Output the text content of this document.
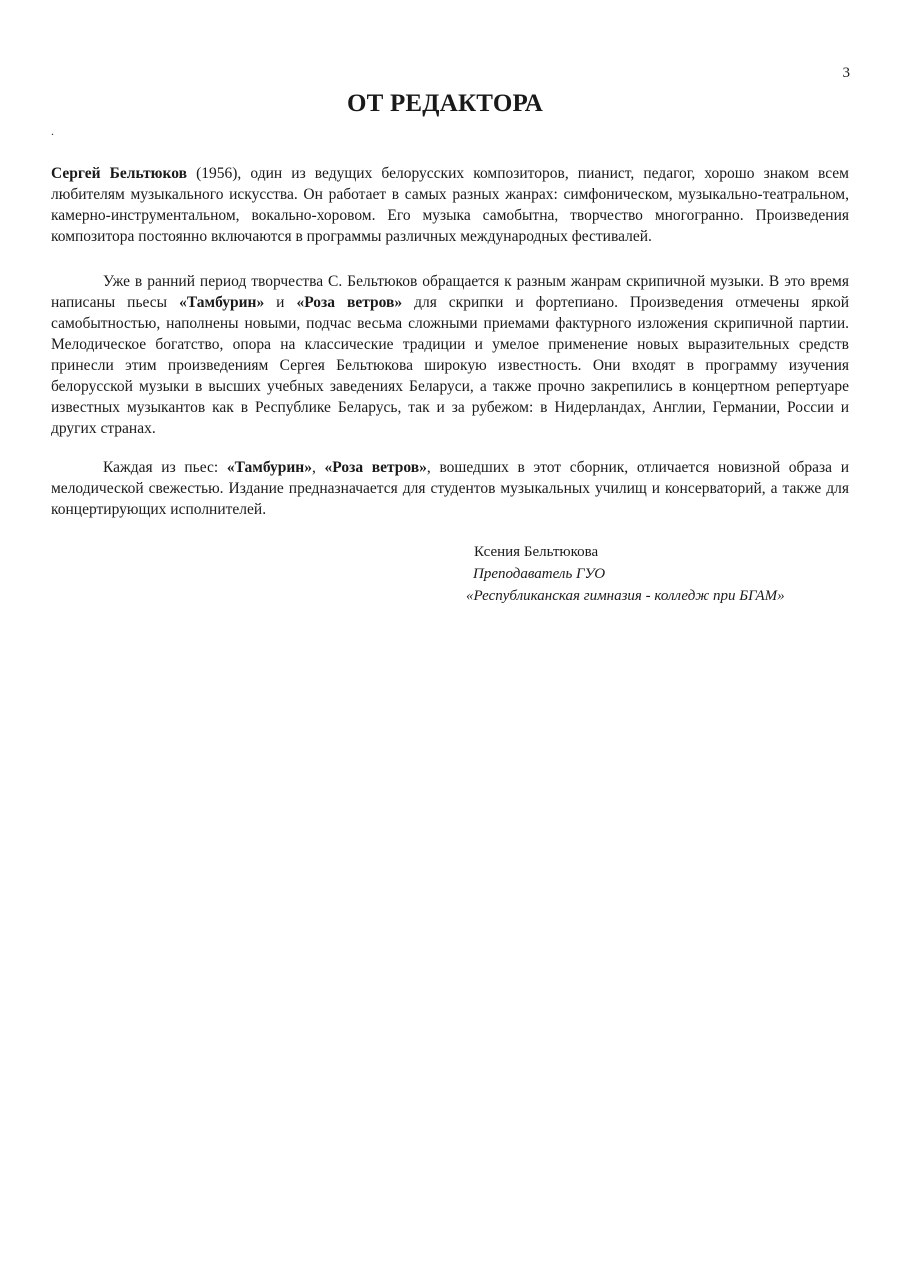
3
ОТ РЕДАКТОРА
.

Сергей Бельтюков (1956), один из ведущих белорусских композиторов, пианист, педагог, хорошо знаком всем любителям музыкального искусства. Он работает в самых разных жанрах: симфоническом, музыкально-театральном, камерно-инструментальном, вокально-хоровом. Его музыка самобытна, творчество многогранно. Произведения композитора постоянно включаются в программы различных международных фестивалей.

Уже в ранний период творчества С. Бельтюков обращается к разным жанрам скрипичной музыки. В это время написаны пьесы «Тамбурин» и «Роза ветров» для скрипки и фортепиано. Произведения отмечены яркой самобытностью, наполнены новыми, подчас весьма сложными приемами фактурного изложения скрипичной партии. Мелодическое богатство, опора на классические традиции и умелое применение новых выразительных средств принесли этим произведениям Сергея Бельтюкова широкую известность. Они входят в программу изучения белорусской музыки в высших учебных заведениях Беларуси, а также прочно закрепились в концертном репертуаре известных музыкантов как в Республике Беларусь, так и за рубежом: в Нидерландах, Англии, Германии, России и других странах.

Каждая из пьес: «Тамбурин», «Роза ветров», вошедших в этот сборник, отличается новизной образа и мелодической свежестью. Издание предназначается для студентов музыкальных училищ и консерваторий, а также для концертирующих исполнителей.

Ксения Бельтюкова
Преподаватель ГУО
«Республиканская гимназия - колледж при БГАМ»
